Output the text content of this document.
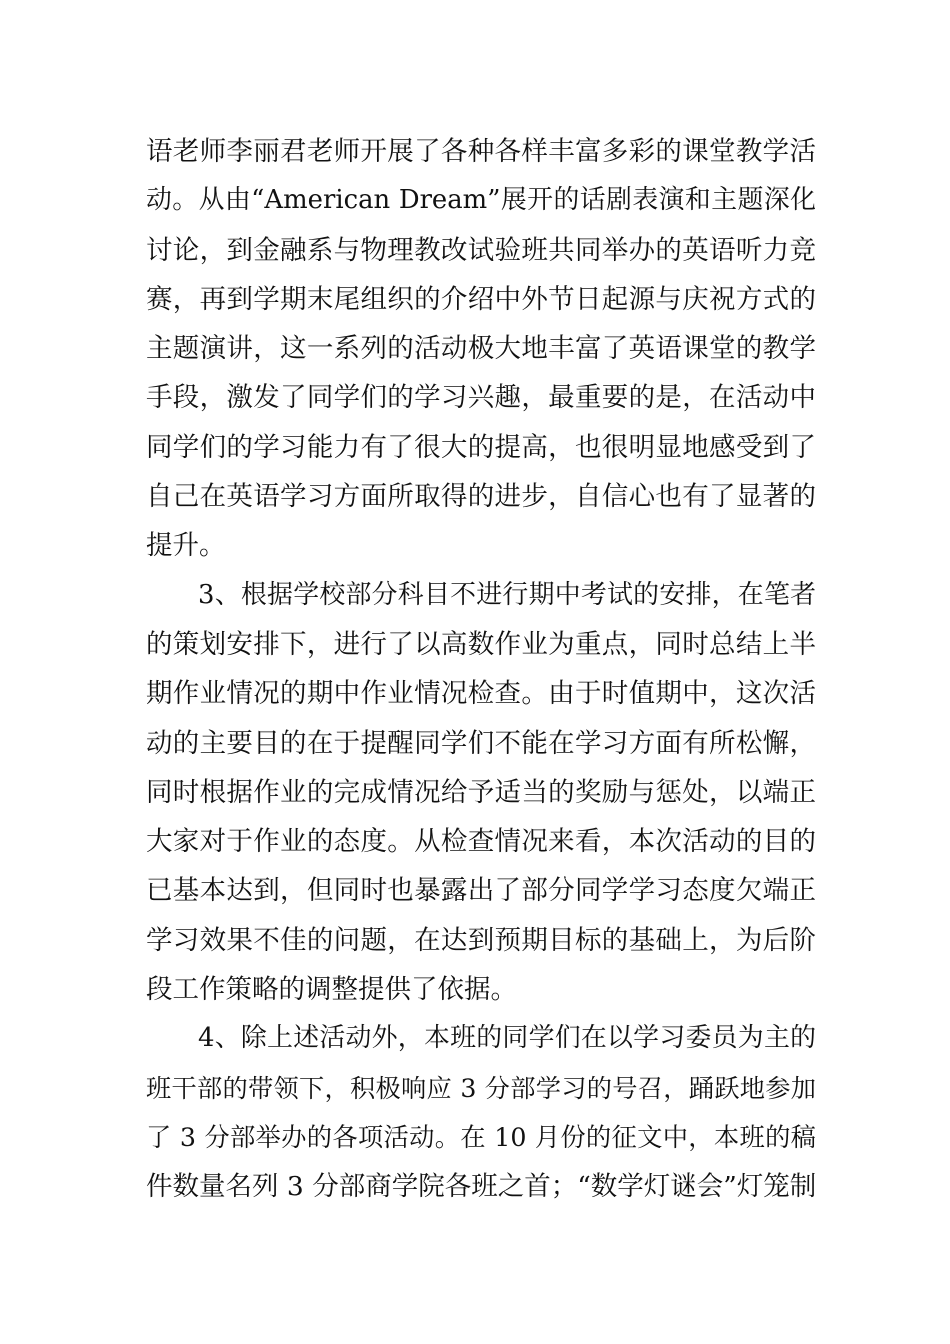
语老师李丽君老师开展了各种各样丰富多彩的课堂教学活
动。从由“American Dream”展开的话剧表演和主题深化
讨论，到金融系与物理教改试验班共同举办的英语听力竞
赛，再到学期末尾组织的介绍中外节日起源与庆祝方式的
主题演讲，这一系列的活动极大地丰富了英语课堂的教学
手段，激发了同学们的学习兴趣，最重要的是，在活动中
同学们的学习能力有了很大的提高，也很明显地感受到了
自己在英语学习方面所取得的进步，自信心也有了显著的
提升。
3、根据学校部分科目不进行期中考试的安排，在笔者
的策划安排下，进行了以高数作业为重点，同时总结上半
期作业情况的期中作业情况检查。由于时值期中，这次活
动的主要目的在于提醒同学们不能在学习方面有所松懈，
同时根据作业的完成情况给予适当的奖励与惩处，以端正
大家对于作业的态度。从检查情况来看，本次活动的目的
已基本达到，但同时也暴露出了部分同学学习态度欠端正
学习效果不佳的问题，在达到预期目标的基础上，为后阶
段工作策略的调整提供了依据。
4、除上述活动外，本班的同学们在以学习委员为主的
班干部的带领下，积极响应 3 分部学习的号召，踊跃地参加
了 3 分部举办的各项活动。在 10 月份的征文中，本班的稿
件数量名列 3 分部商学院各班之首；“数学灯谜会”灯笼制
